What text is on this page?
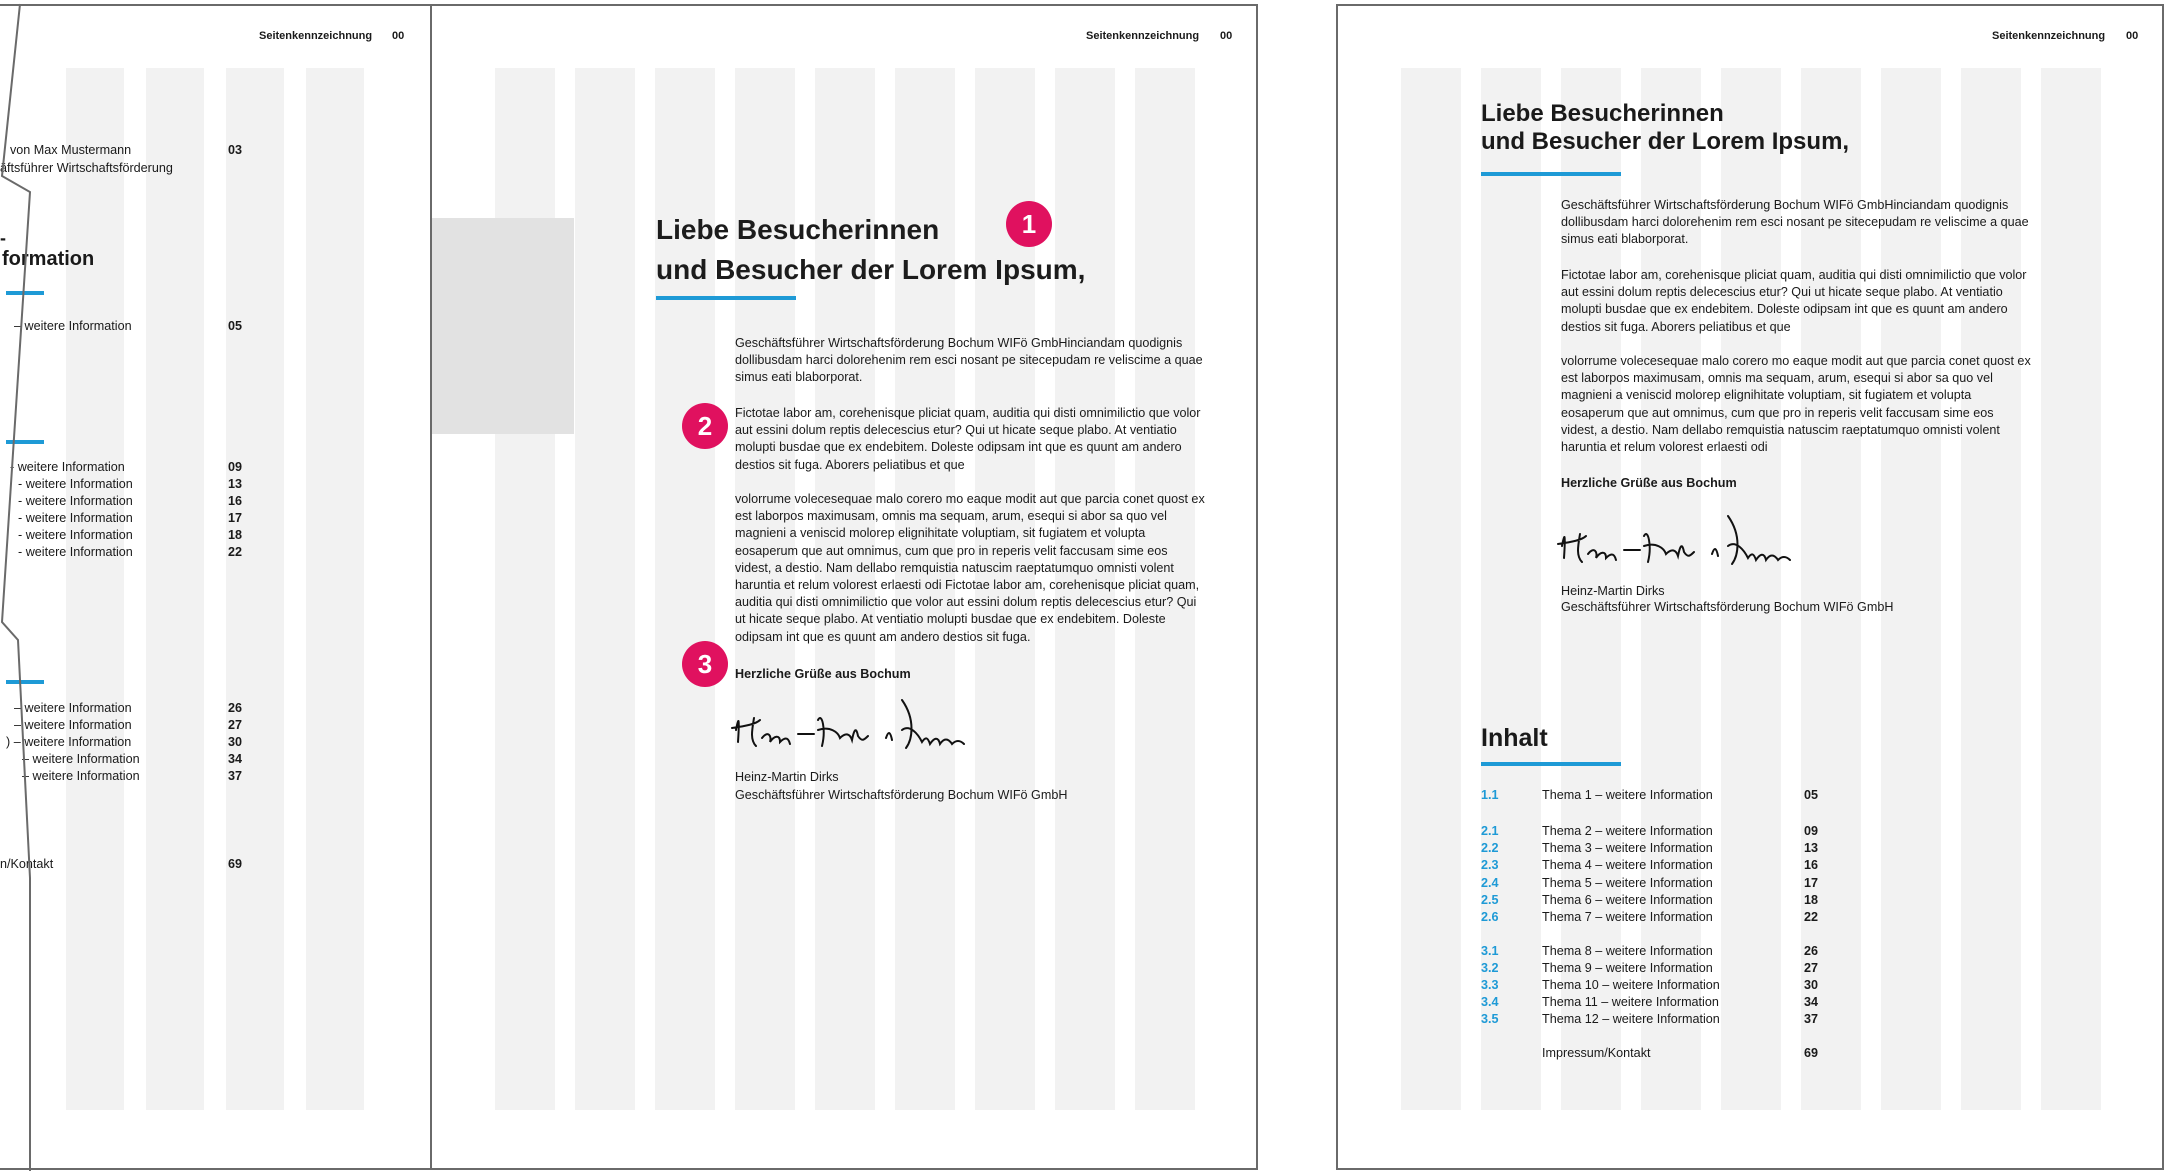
Seitenkennzeichnung 00
von Max Mustermann	03
äftsführer Wirtschaftsförderung
-
formation
– weitere Information	05
- weitere Information	09
- weitere Information	13
- weitere Information	16
- weitere Information	17
- weitere Information	18
- weitere Information	22
– weitere Information	26
– weitere Information	27
) – weitere Information	30
– weitere Information	34
– weitere Information	37
n/Kontakt	69
Seitenkennzeichnung 00
Liebe Besucherinnen
und Besucher der Lorem Ipsum,
Geschäftsführer Wirtschaftsförderung Bochum WIFö GmbHinciandam quodignis dollibusdam harci dolorehenim rem esci nosant pe sitecepudam re veliscime a quae simus eati blaborporat.
Fictotae labor am, corehenisque pliciat quam, auditia qui disti omnimilictio que volor aut essini dolum reptis delecescius etur? Qui ut hicate seque plabo. At ventiatio molupti busdae que ex endebitem. Doleste odipsam int que es quunt am andero destios sit fuga. Aborers peliatibus et que
volorrume volecesequae malo corero mo eaque modit aut que parcia conet quost ex est laborpos maximusam, omnis ma sequam, arum, esequi si abor sa quo vel magnieni a veniscid molorep elignihitate voluptiam, sit fugiatem et volupta eosaperum que aut omnimus, cum que pro in reperis velit faccusam sime eos videst, a destio. Nam dellabo remquistia natuscim raeptatumquo omnisti volent haruntia et relum volorest erlaesti odi Fictotae labor am, corehenisque pliciat quam, auditia qui disti omnimilictio que volor aut essini dolum reptis delecescius etur? Qui ut hicate seque plabo. At ventiatio molupti busdae que ex endebitem. Doleste odipsam int que es quunt am andero destios sit fuga.
Herzliche Grüße aus Bochum
Heinz-Martin Dirks
Geschäftsführer Wirtschaftsförderung Bochum WIFö GmbH
1
2
3
Seitenkennzeichnung 00
Liebe Besucherinnen
und Besucher der Lorem Ipsum,
Geschäftsführer Wirtschaftsförderung Bochum WIFö GmbHinciandam quodignis dollibusdam harci dolorehenim rem esci nosant pe sitecepudam re veliscime a quae simus eati blaborporat.
Fictotae labor am, corehenisque pliciat quam, auditia qui disti omnimilictio que volor aut essini dolum reptis delecescius etur? Qui ut hicate seque plabo. At ventiatio molupti busdae que ex endebitem. Doleste odipsam int que es quunt am andero destios sit fuga. Aborers peliatibus et que
volorrume volecesequae malo corero mo eaque modit aut que parcia conet quost ex est laborpos maximusam, omnis ma sequam, arum, esequi si abor sa quo vel magnieni a veniscid molorep elignihitate voluptiam, sit fugiatem et volupta eosaperum que aut omnimus, cum que pro in reperis velit faccusam sime eos videst, a destio. Nam dellabo remquistia natuscim raeptatumquo omnisti volent haruntia et relum volorest erlaesti odi
Herzliche Grüße aus Bochum
Heinz-Martin Dirks
Geschäftsführer Wirtschaftsförderung Bochum WIFö GmbH
Inhalt
1.1	Thema 1 – weitere Information	05
2.1	Thema 2 – weitere Information	09
2.2	Thema 3 – weitere Information	13
2.3	Thema 4 – weitere Information	16
2.4	Thema 5 – weitere Information	17
2.5	Thema 6 – weitere Information	18
2.6	Thema 7 – weitere Information	22
3.1	Thema 8 – weitere Information	26
3.2	Thema 9 – weitere Information	27
3.3	Thema 10 – weitere Information	30
3.4	Thema 11 – weitere Information	34
3.5	Thema 12 – weitere Information	37
Impressum/Kontakt	69
